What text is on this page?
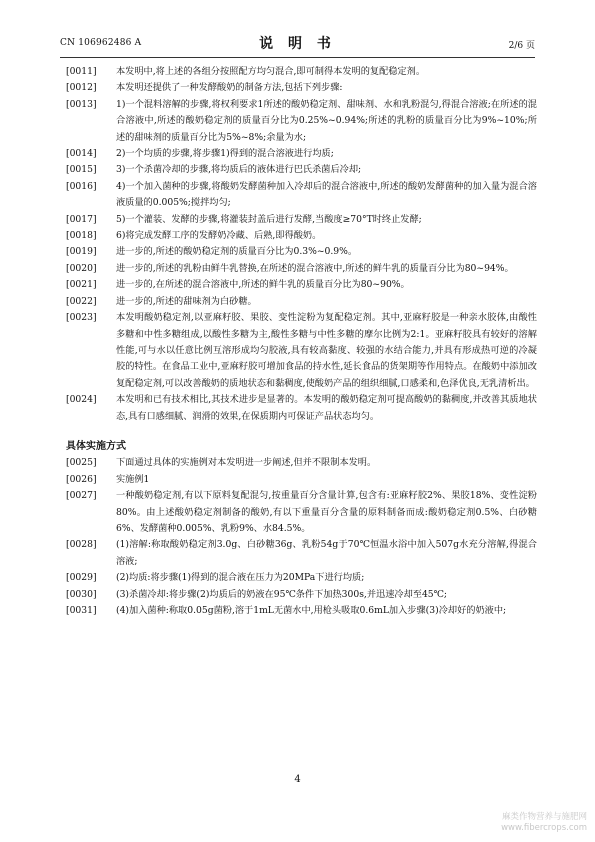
CN 106962486 A	说 明 书	2/6 页
[0011] 本发明中,将上述的各组分按照配方均匀混合,即可制得本发明的复配稳定剂。
[0012] 本发明还提供了一种发酵酸奶的制备方法,包括下列步骤:
[0013] 1)一个混料溶解的步骤,将权利要求1所述的酸奶稳定剂、甜味剂、水和乳粉混匀,得混合溶液;在所述的混合溶液中,所述的酸奶稳定剂的质量百分比为0.25%~0.94%;所述的乳粉的质量百分比为9%~10%;所述的甜味剂的质量百分比为5%~8%;余量为水;
[0014] 2)一个均质的步骤,将步骤1)得到的混合溶液进行均质;
[0015] 3)一个杀菌冷却的步骤,将均质后的液体进行巴氏杀菌后冷却;
[0016] 4)一个加入菌种的步骤,将酸奶发酵菌种加入冷却后的混合溶液中,所述的酸奶发酵菌种的加入量为混合溶液质量的0.005%;搅拌均匀;
[0017] 5)一个灌装、发酵的步骤,将灌装封盖后进行发酵,当酸度≥70°T时终止发酵;
[0018] 6)将完成发酵工序的发酵奶冷藏、后熟,即得酸奶。
[0019] 进一步的,所述的酸奶稳定剂的质量百分比为0.3%~0.9%。
[0020] 进一步的,所述的乳粉由鲜牛乳替换,在所述的混合溶液中,所述的鲜牛乳的质量百分比为80~94%。
[0021] 进一步的,在所述的混合溶液中,所述的鲜牛乳的质量百分比为80~90%。
[0022] 进一步的,所述的甜味剂为白砂糖。
[0023] 本发明酸奶稳定剂,以亚麻籽胶、果胶、变性淀粉为复配稳定剂。其中,亚麻籽胶是一种亲水胶体,由酸性多糖和中性多糖组成,以酸性多糖为主,酸性多糖与中性多糖的摩尔比例为2:1。亚麻籽胶具有较好的溶解性能,可与水以任意比例互溶形成均匀胶液,具有较高黏度、较强的水结合能力,并具有形成热可逆的冷凝胶的特性。在食品工业中,亚麻籽胶可增加食品的持水性,延长食品的货架期等作用特点。在酸奶中添加改复配稳定剂,可以改善酸奶的质地状态和黏稠度,使酸奶产品的组织细腻,口感柔和,色泽优良,无乳清析出。
[0024] 本发明和已有技术相比,其技术进步是显著的。本发明的酸奶稳定剂可提高酸奶的黏稠度,并改善其质地状态,具有口感细腻、润滑的效果,在保质期内可保证产品状态均匀。
具体实施方式
[0025] 下面通过具体的实施例对本发明进一步阐述,但并不限制本发明。
[0026] 实施例1
[0027] 一种酸奶稳定剂,有以下原料复配混匀,按重量百分含量计算,包含有:亚麻籽胶2%、果胶18%、变性淀粉80%。由上述酸奶稳定剂制备的酸奶,有以下重量百分含量的原料制备而成:酸奶稳定剂0.5%、白砂糖6%、发酵菌种0.005%、乳粉9%、水84.5%。
[0028] (1)溶解:称取酸奶稳定剂3.0g、白砂糖36g、乳粉54g于70℃恒温水浴中加入507g水充分溶解,得混合溶液;
[0029] (2)均质:将步骤(1)得到的混合液在压力为20MPa下进行均质;
[0030] (3)杀菌冷却:将步骤(2)均质后的奶液在95℃条件下加热300s,并迅速冷却至45℃;
[0031] (4)加入菌种:称取0.05g菌粉,溶于1mL无菌水中,用枪头吸取0.6mL加入步骤(3)冷却好的奶液中;
4
麻类作物营养与施肥网
www.fibercrops.com
